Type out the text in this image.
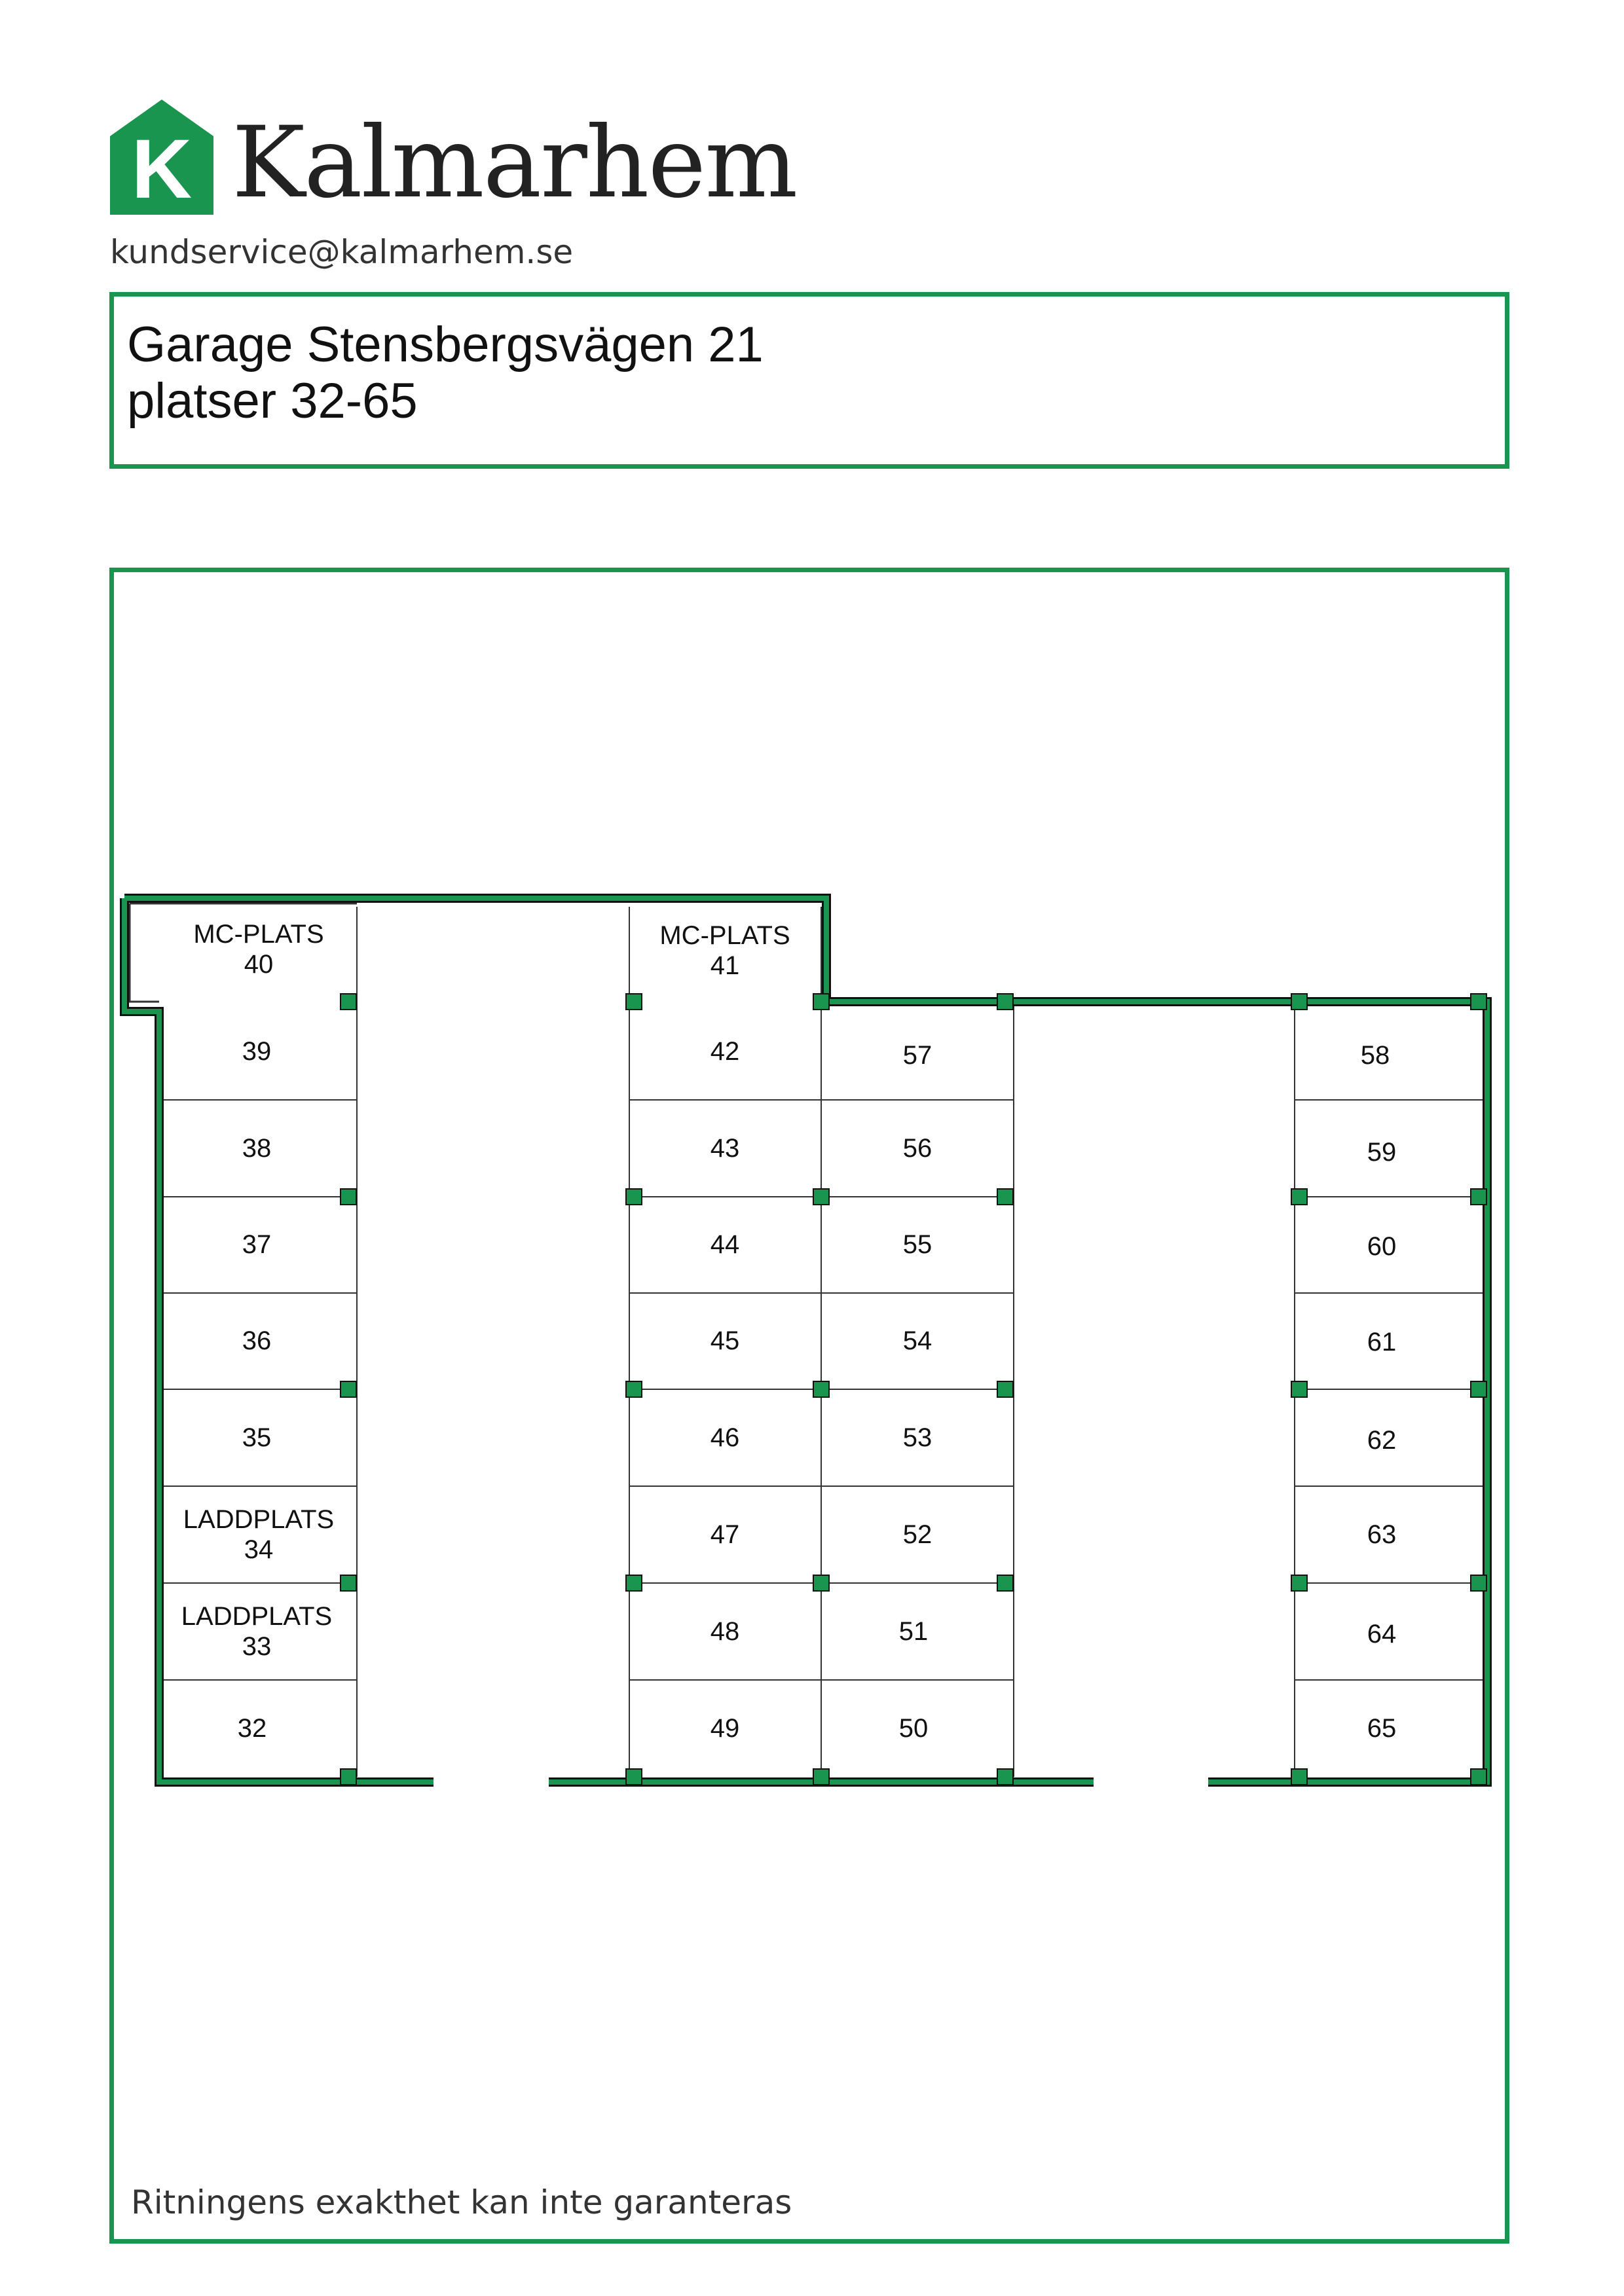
K Kalmarhem
kundservice@kalmarhem.se
Garage Stensbergsvägen 21
platser 32-65
MC-PLATS
40
39
38
37
36
35
LADDPLATS
34
LADDPLATS
33
32
MC-PLATS
41
42
43
44
45
46
47
48
49
57
56
55
54
53
52
51
50
58
59
60
61
62
63
64
65
Ritningens exakthet kan inte garanteras
